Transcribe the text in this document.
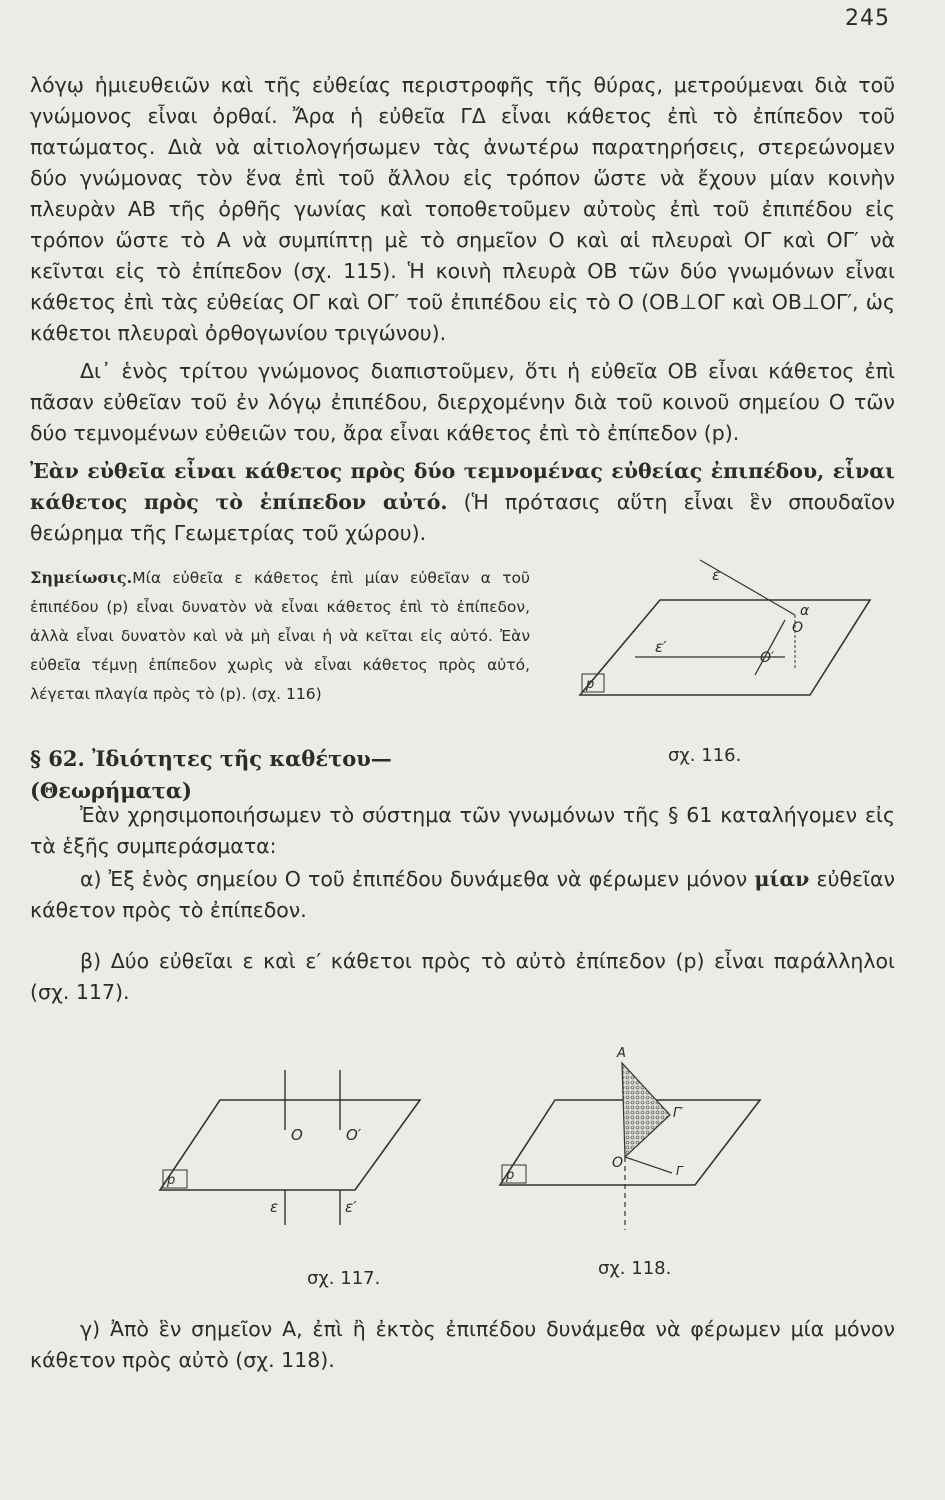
245

λόγῳ ἡμιευθειῶν καὶ τῆς εὐθείας περιστροφῆς τῆς θύρας, μετρούμεναι διὰ τοῦ γνώμονος εἶναι ὀρθαί. Ἄρα ἡ εὐθεῖα ΓΔ εἶναι κάθετος ἐπὶ τὸ ἐπίπεδον τοῦ πατώματος. Διὰ νὰ αἰτιολογήσωμεν τὰς ἀνωτέρω παρατηρήσεις, στερεώνομεν δύο γνώμονας τὸν ἕνα ἐπὶ τοῦ ἄλλου εἰς τρόπον ὥστε νὰ ἔχουν μίαν κοινὴν πλευρὰν ΑΒ τῆς ὀρθῆς γωνίας καὶ τοποθετοῦμεν αὐτοὺς ἐπὶ τοῦ ἐπιπέδου εἰς τρόπον ὥστε τὸ Α νὰ συμπίπτῃ μὲ τὸ σημεῖον Ο καὶ αἱ πλευραὶ ΟΓ καὶ ΟΓ′ νὰ κεῖνται εἰς τὸ ἐπίπεδον (σχ. 115). Ἡ κοινὴ πλευρὰ ΟΒ τῶν δύο γνωμόνων εἶναι κάθετος ἐπὶ τὰς εὐθείας ΟΓ καὶ ΟΓ′ τοῦ ἐπιπέδου εἰς τὸ Ο (ΟΒ⊥ΟΓ καὶ ΟΒ⊥ΟΓ′, ὡς κάθετοι πλευραὶ ὀρθογωνίου τριγώνου).

Δι᾽ ἑνὸς τρίτου γνώμονος διαπιστοῦμεν, ὅτι ἡ εὐθεῖα ΟΒ εἶναι κάθετος ἐπὶ πᾶσαν εὐθεῖαν τοῦ ἐν λόγῳ ἐπιπέδου, διερχομένην διὰ τοῦ κοινοῦ σημείου Ο τῶν δύο τεμνομένων εὐθειῶν του, ἄρα εἶναι κάθετος ἐπὶ τὸ ἐπίπεδον (p).

Ἐὰν εὐθεῖα εἶναι κάθετος πρὸς δύο τεμνομένας εὐθείας ἐπιπέδου, εἶναι κάθετος πρὸς τὸ ἐπίπεδον αὐτό. (Ἡ πρότασις αὕτη εἶναι ἓν σπουδαῖον θεώρημα τῆς Γεωμετρίας τοῦ χώρου).

Σημείωσις.Μία εὐθεῖα ε κάθετος ἐπὶ μίαν εὐθεῖαν α τοῦ ἐπιπέδου (p) εἶναι δυνατὸν νὰ εἶναι κάθετος ἐπὶ τὸ ἐπίπεδον, ἀλλὰ εἶναι δυνατὸν καὶ νὰ μὴ εἶναι ἡ νὰ κεῖται εἰς αὐτό. Ἐὰν εὐθεῖα τέμνῃ ἐπίπεδον χωρὶς νὰ εἶναι κάθετος πρὸς αὐτό, λέγεται πλαγία πρὸς τὸ (p). (σχ. 116)

§ 62. Ἰδιότητες τῆς καθέτου—(Θεωρήματα)

Ἐὰν χρησιμοποιήσωμεν τὸ σύστημα τῶν γνωμόνων τῆς § 61 καταλήγομεν εἰς τὰ ἑξῆς συμπεράσματα:

α) Ἐξ ἑνὸς σημείου Ο τοῦ ἐπιπέδου δυνάμεθα νὰ φέρωμεν μόνον μίαν εὐθεῖαν κάθετον πρὸς τὸ ἐπίπεδον.

β) Δύο εὐθεῖαι ε καὶ ε′ κάθετοι πρὸς τὸ αὐτὸ ἐπίπεδον (p) εἶναι παράλληλοι (σχ. 117).

γ) Ἀπὸ ἓν σημεῖον Α, ἐπὶ ἢ ἐκτὸς ἐπιπέδου δυνάμεθα νὰ φέρωμεν μία μόνον κάθετον πρὸς αὐτὸ (σχ. 118).

ε
α
Ο
ε′
Ο′
p
σχ. 116.
Ο	Ο′
ε	ε′
p
σχ. 117.
Α
Γ′
Ο	Γ
p
σχ. 118.
